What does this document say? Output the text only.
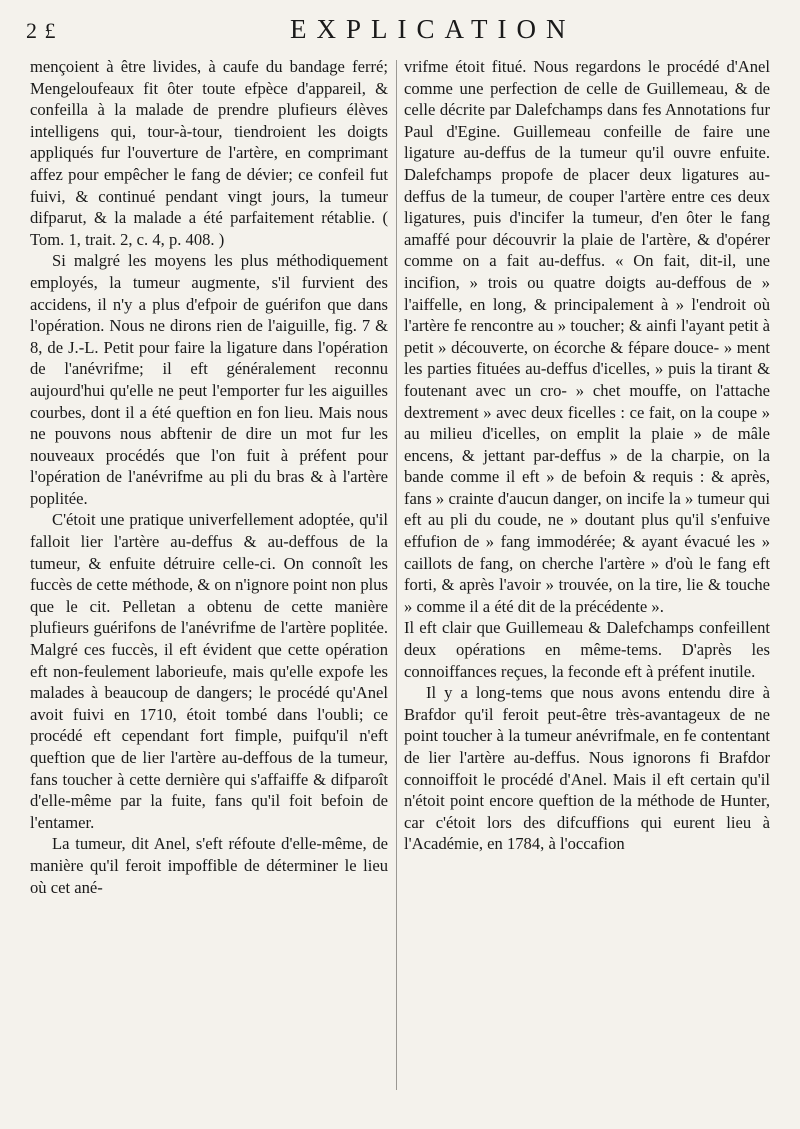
2 £	EXPLICATION

mençoient à être livides, à caufe du bandage ferré; Mengeloufeaux fit ôter toute efpèce d'appareil, & confeilla à la malade de prendre plufieurs élèves intelligens qui, tour-à-tour, tiendroient les doigts appliqués fur l'ouverture de l'artère, en comprimant affez pour empêcher le fang de dévier; ce confeil fut fuivi, & continué pendant vingt jours, la tumeur difparut, & la malade a été parfaitement rétablie. ( Tom. 1, trait. 2, c. 4, p. 408. )

Si malgré les moyens les plus méthodiquement employés, la tumeur augmente, s'il furvient des accidens, il n'y a plus d'efpoir de guérifon que dans l'opération. Nous ne dirons rien de l'aiguille, fig. 7 & 8, de J.-L. Petit pour faire la ligature dans l'opération de l'anévrifme; il eft généralement reconnu aujourd'hui qu'elle ne peut l'emporter fur les aiguilles courbes, dont il a été queftion en fon lieu. Mais nous ne pouvons nous abftenir de dire un mot fur les nouveaux procédés que l'on fuit à préfent pour l'opération de l'anévrifme au pli du bras & à l'artère poplitée.

C'étoit une pratique univerfellement adoptée, qu'il falloit lier l'artère au-deffus & au-deffous de la tumeur, & enfuite détruire celle-ci. On connoît les fuccès de cette méthode, & on n'ignore point non plus que le cit. Pelletan a obtenu de cette manière plufieurs guérifons de l'anévrifme de l'artère poplitée. Malgré ces fuccès, il eft évident que cette opération eft non-feulement laborieufe, mais qu'elle expofe les malades à beaucoup de dangers; le procédé qu'Anel avoit fuivi en 1710, étoit tombé dans l'oubli; ce procédé eft cependant fort fimple, puifqu'il n'eft queftion que de lier l'artère au-deffous de la tumeur, fans toucher à cette dernière qui s'affaiffe & difparoît d'elle-même par la fuite, fans qu'il foit befoin de l'entamer.

La tumeur, dit Anel, s'eft réfoute d'elle-même, de manière qu'il feroit impoffible de déterminer le lieu où cet ané-

vrifme étoit fitué. Nous regardons le procédé d'Anel comme une perfection de celle de Guillemeau, & de celle décrite par Dalefchamps dans fes Annotations fur Paul d'Egine. Guillemeau confeille de faire une ligature au-deffus de la tumeur qu'il ouvre enfuite. Dalefchamps propofe de placer deux ligatures au-deffus de la tumeur, de couper l'artère entre ces deux ligatures, puis d'incifer la tumeur, d'en ôter le fang amaffé pour découvrir la plaie de l'artère, & d'opérer comme on a fait au-deffus. « On fait, dit-il, une incifion, » trois ou quatre doigts au-deffous de » l'aiffelle, en long, & principalement à » l'endroit où l'artère fe rencontre au » toucher; & ainfi l'ayant petit à petit » découverte, on écorche & fépare douce- » ment les parties fituées au-deffus d'icelles, » puis la tirant & foutenant avec un cro- » chet mouffe, on l'attache dextrement » avec deux ficelles : ce fait, on la coupe » au milieu d'icelles, on emplit la plaie » de mâle encens, & jettant par-deffus » de la charpie, on la bande comme il eft » de befoin & requis : & après, fans » crainte d'aucun danger, on incife la » tumeur qui eft au pli du coude, ne » doutant plus qu'il s'enfuive effufion de » fang immodérée; & ayant évacué les » caillots de fang, on cherche l'artère » d'où le fang eft forti, & après l'avoir » trouvée, on la tire, lie & touche » comme il a été dit de la précédente ».

Il eft clair que Guillemeau & Dalefchamps confeillent deux opérations en même-tems. D'après les connoiffances reçues, la feconde eft à préfent inutile.

Il y a long-tems que nous avons entendu dire à Brafdor qu'il feroit peut-être très-avantageux de ne point toucher à la tumeur anévrifmale, en fe contentant de lier l'artère au-deffus. Nous ignorons fi Brafdor connoiffoit le procédé d'Anel. Mais il eft certain qu'il n'étoit point encore queftion de la méthode de Hunter, car c'étoit lors des difcuffions qui eurent lieu à l'Académie, en 1784, à l'occafion
